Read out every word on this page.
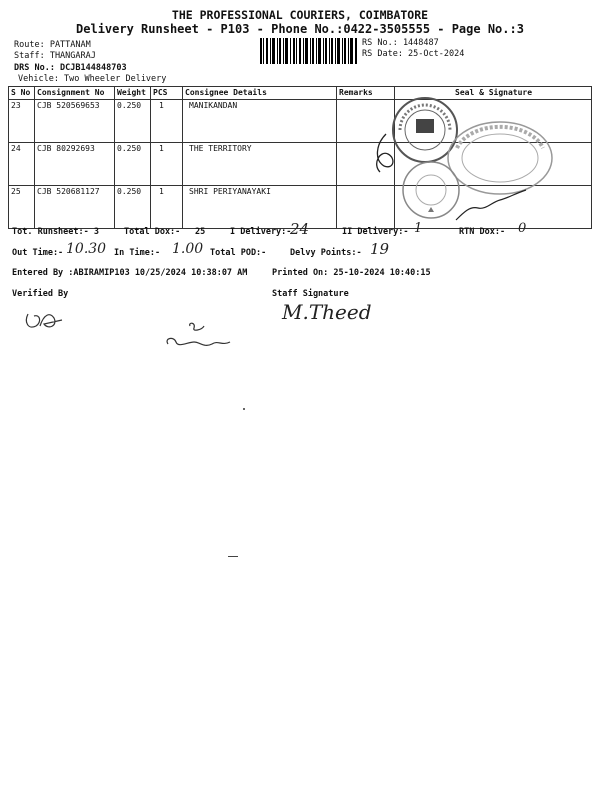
THE PROFESSIONAL COURIERS, COIMBATORE
Delivery Runsheet - P103 - Phone No.:0422-3505555 - Page No.:3
Route: PATTANAM
Staff: THANGARAJ
DRS No.: DCJB144848703
Vehicle: Two Wheeler Delivery
RS No.: 1448487
RS Date: 25-Oct-2024
S No	Consignment No	Weight	PCS	Consignee Details	Remarks	Seal & Signature
23	CJB 520569653	0.250	1	MANIKANDAN		
24	CJB 80292693	0.250	1	THE TERRITORY		
25	CJB 520681127	0.250	1	SHRI PERIYANAYAKI		
Tot. Runsheet:- 3	Total Dox:- 25	I Delivery:-
24	II Delivery:- 1	RTN Dox:- 0
Out Time:- 10.30 In Time:- 1.00 Total POD:-	Delvy Points:- 19
Entered By :ABIRAMIP103 10/25/2024 10:38:07 AM	Printed On: 25-10-2024 10:40:15
Verified By	Staff Signature
M.Theed
